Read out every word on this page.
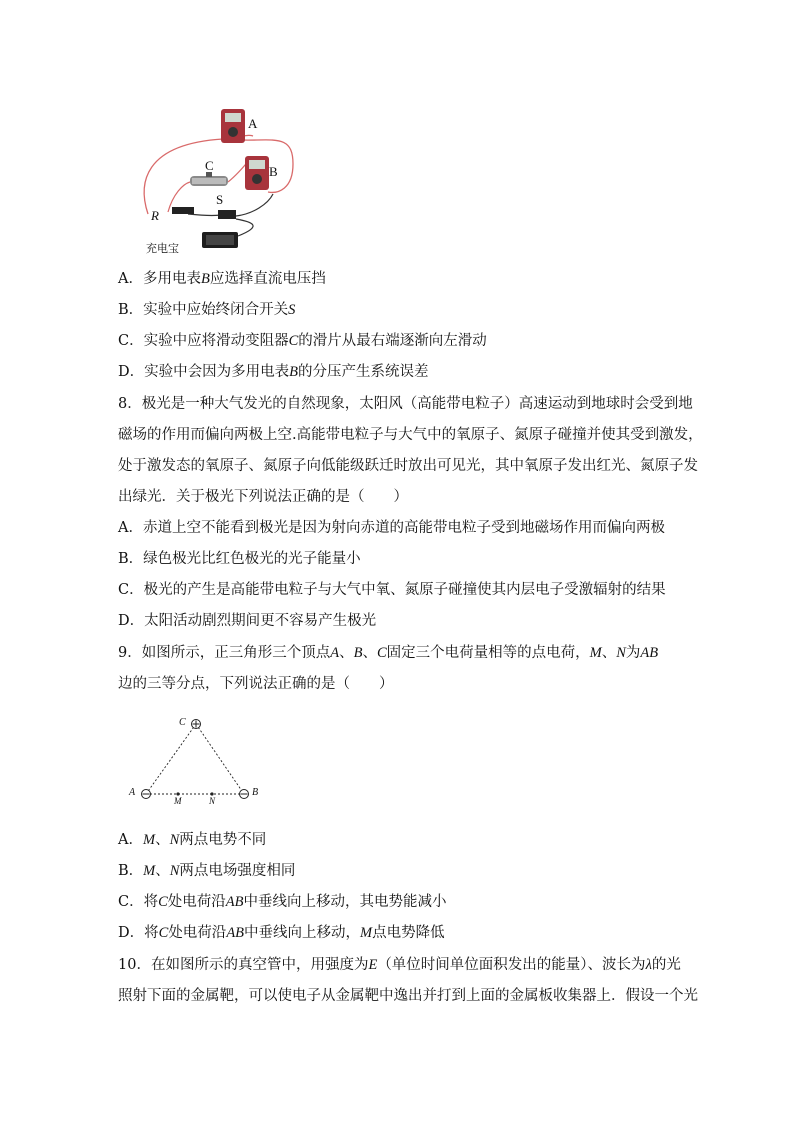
A
C	B
S
R
充电宝
A．多用电表B应选择直流电压挡
B．实验中应始终闭合开关S
C．实验中应将滑动变阻器C的滑片从最右端逐渐向左滑动
D．实验中会因为多用电表B的分压产生系统误差
8．极光是一种大气发光的自然现象，太阳风（高能带电粒子）高速运动到地球时会受到地
磁场的作用而偏向两极上空.高能带电粒子与大气中的氧原子、氮原子碰撞并使其受到激发，
处于激发态的氧原子、氮原子向低能级跃迁时放出可见光，其中氧原子发出红光、氮原子发
出绿光．关于极光下列说法正确的是（　　）
A．赤道上空不能看到极光是因为射向赤道的高能带电粒子受到地磁场作用而偏向两极
B．绿色极光比红色极光的光子能量小
C．极光的产生是高能带电粒子与大气中氧、氮原子碰撞使其内层电子受激辐射的结果
D．太阳活动剧烈期间更不容易产生极光
9．如图所示，正三角形三个顶点A、B、C固定三个电荷量相等的点电荷，M、N为AB
边的三等分点，下列说法正确的是（　　）
C
A	B
M	N
A．M、N两点电势不同
B．M、N两点电场强度相同
C．将C处电荷沿AB中垂线向上移动，其电势能减小
D．将C处电荷沿AB中垂线向上移动，M点电势降低
10．在如图所示的真空管中，用强度为E（单位时间单位面积发出的能量）、波长为λ的光
照射下面的金属靶，可以使电子从金属靶中逸出并打到上面的金属板收集器上．假设一个光
